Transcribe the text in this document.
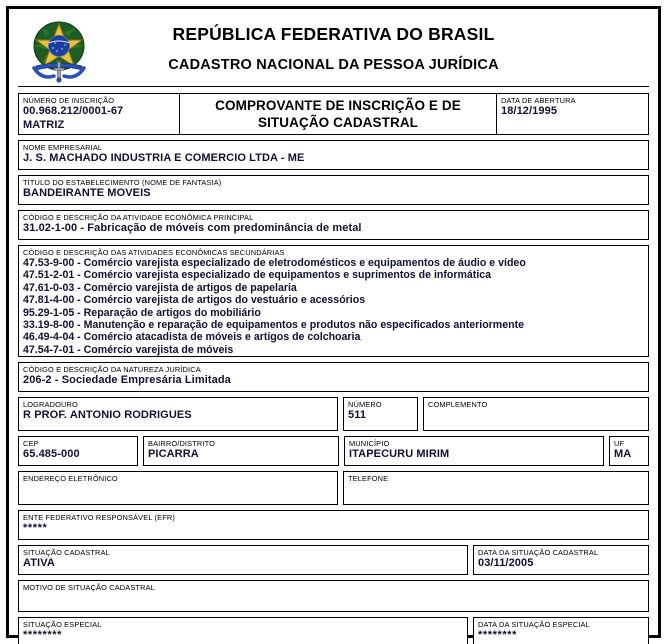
REPÚBLICA FEDERATIVA DO BRASIL
CADASTRO NACIONAL DA PESSOA JURÍDICA
NÚMERO DE INSCRIÇÃO
00.968.212/0001-67
MATRIZ
COMPROVANTE DE INSCRIÇÃO E DE SITUAÇÃO CADASTRAL
DATA DE ABERTURA
18/12/1995
NOME EMPRESARIAL
J. S. MACHADO INDUSTRIA E COMERCIO LTDA - ME
TÍTULO DO ESTABELECIMENTO (NOME DE FANTASIA)
BANDEIRANTE MOVEIS
CÓDIGO E DESCRIÇÃO DA ATIVIDADE ECONÔMICA PRINCIPAL
31.02-1-00 - Fabricação de móveis com predominância de metal
CÓDIGO E DESCRIÇÃO DAS ATIVIDADES ECONÔMICAS SECUNDÁRIAS
47.53-9-00 - Comércio varejista especializado de eletrodomésticos e equipamentos de áudio e vídeo
47.51-2-01 - Comércio varejista especializado de equipamentos e suprimentos de informática
47.61-0-03 - Comércio varejista de artigos de papelaria
47.81-4-00 - Comércio varejista de artigos do vestuário e acessórios
95.29-1-05 - Reparação de artigos do mobiliário
33.19-8-00 - Manutenção e reparação de equipamentos e produtos não especificados anteriormente
46.49-4-04 - Comércio atacadista de móveis e artigos de colchoaria
47.54-7-01 - Comércio varejista de móveis
CÓDIGO E DESCRIÇÃO DA NATUREZA JURÍDICA
206-2 - Sociedade Empresária Limitada
LOGRADOURO
R PROF. ANTONIO RODRIGUES
NÚMERO
511
COMPLEMENTO
CEP
65.485-000
BAIRRO/DISTRITO
PICARRA
MUNICÍPIO
ITAPECURU MIRIM
UF
MA
ENDEREÇO ELETRÔNICO	TELEFONE
ENTE FEDERATIVO RESPONSÁVEL (EFR)
*****
SITUAÇÃO CADASTRAL
ATIVA
DATA DA SITUAÇÃO CADASTRAL
03/11/2005
MOTIVO DE SITUAÇÃO CADASTRAL
SITUAÇÃO ESPECIAL
********
DATA DA SITUAÇÃO ESPECIAL
********
